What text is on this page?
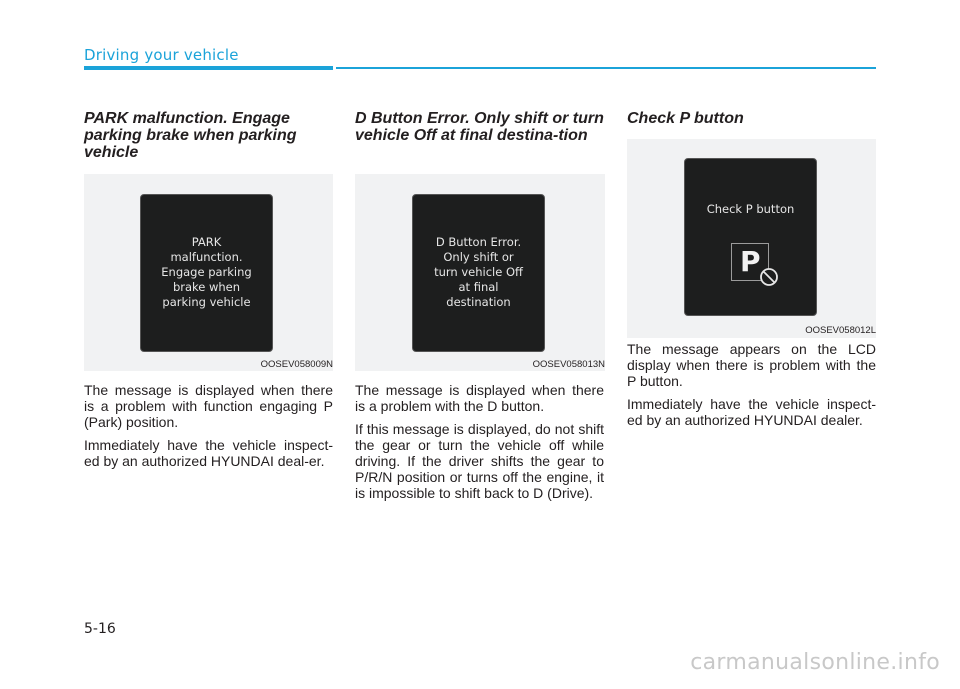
Driving your vehicle

PARK malfunction. Engage parking brake when parking vehicle

PARK
malfunction.
Engage parking
brake when
parking vehicle
OOSEV058009N

The message is displayed when there is a problem with function engaging P (Park) position.

Immediately have the vehicle inspect-ed by an authorized HYUNDAI deal-er.

D Button Error. Only shift or turn vehicle Off at final destina-tion

D Button Error.
Only shift or
turn vehicle Off
at final
destination
OOSEV058013N

The message is displayed when there is a problem with the D button.

If this message is displayed, do not shift the gear or turn the vehicle off while driving. If the driver shifts the gear to P/R/N position or turns off the engine, it is impossible to shift back to D (Drive).

Check P button

Check P button
P
OOSEV058012L

The message appears on the LCD display when there is problem with the P button.

Immediately have the vehicle inspect-ed by an authorized HYUNDAI dealer.

5-16
carmanualsonline.info
